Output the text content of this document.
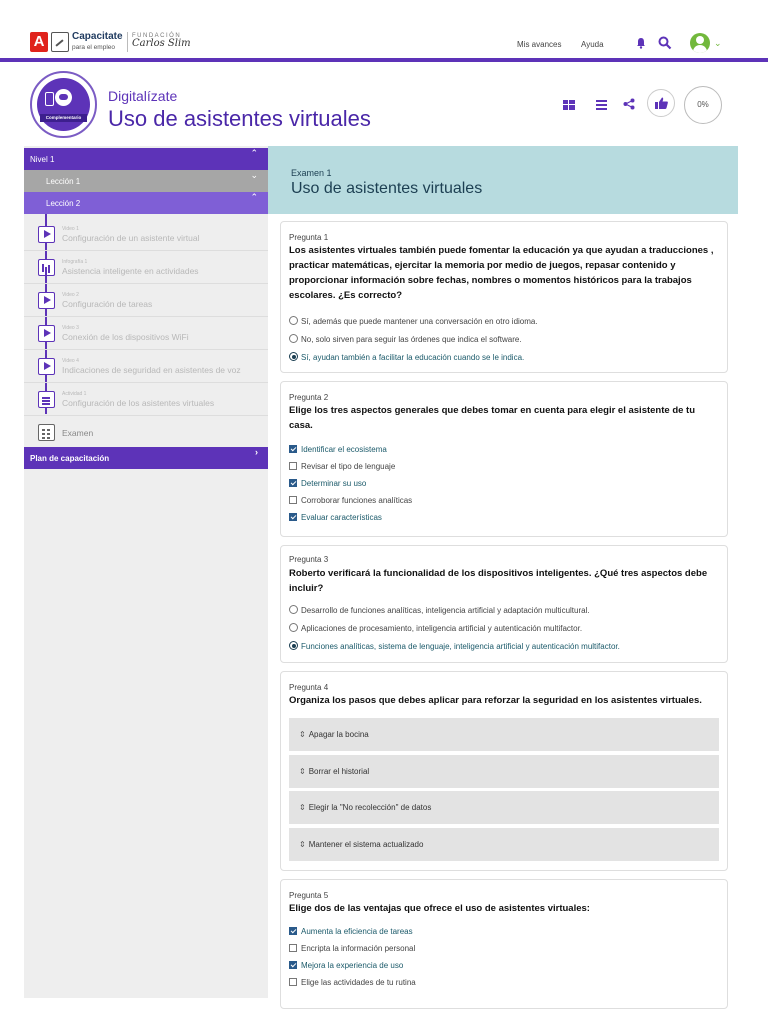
A	Capacitate
para el empleo
FUNDACIÓN
Carlos Slim	Mis avances Ayuda	⌄
Complementario
Digitalízate
Uso de asistentes virtuales
0%
Nivel 1
⌃
Lección 1
⌄
Lección 2
⌃
Video 1
Configuración de un asistente virtual
Infografía 1
Asistencia inteligente en actividades
Video 2
Configuración de tareas
Video 3
Conexión de los dispositivos WiFi
Video 4
Indicaciones de seguridad en asistentes de voz
Actividad 1
Configuración de los asistentes virtuales
Examen
Plan de capacitación
›
Examen 1
Uso de asistentes virtuales
Pregunta 1
Los asistentes virtuales también puede fomentar la educación ya que ayudan a traducciones , practicar matemáticas, ejercitar la memoria por medio de juegos, repasar contenido y proporcionar información sobre fechas, nombres o momentos históricos para la trabajos escolares. ¿Es correcto?
Sí, además que puede mantener una conversación en otro idioma.
No, solo sirven para seguir las órdenes que indica el software.
Sí, ayudan también a facilitar la educación cuando se le indica.
Pregunta 2
Elige los tres aspectos generales que debes tomar en cuenta para elegir el asistente de tu casa.
Identificar el ecosistema
Revisar el tipo de lenguaje
Determinar su uso
Corroborar funciones analíticas
Evaluar características
Pregunta 3
Roberto verificará la funcionalidad de los dispositivos inteligentes. ¿Qué tres aspectos debe incluir?
Desarrollo de funciones analíticas, inteligencia artificial y adaptación multicultural.
Aplicaciones de procesamiento, inteligencia artificial y autenticación multifactor.
Funciones analíticas, sistema de lenguaje, inteligencia artificial y autenticación multifactor.
Pregunta 4
Organiza los pasos que debes aplicar para reforzar la seguridad en los asistentes virtuales.
⇕ Apagar la bocina
⇕ Borrar el historial
⇕ Elegir la "No recolección" de datos
⇕ Mantener el sistema actualizado
Pregunta 5
Elige dos de las ventajas que ofrece el uso de asistentes virtuales:
Aumenta la eficiencia de tareas
Encripta la información personal
Mejora la experiencia de uso
Elige las actividades de tu rutina
